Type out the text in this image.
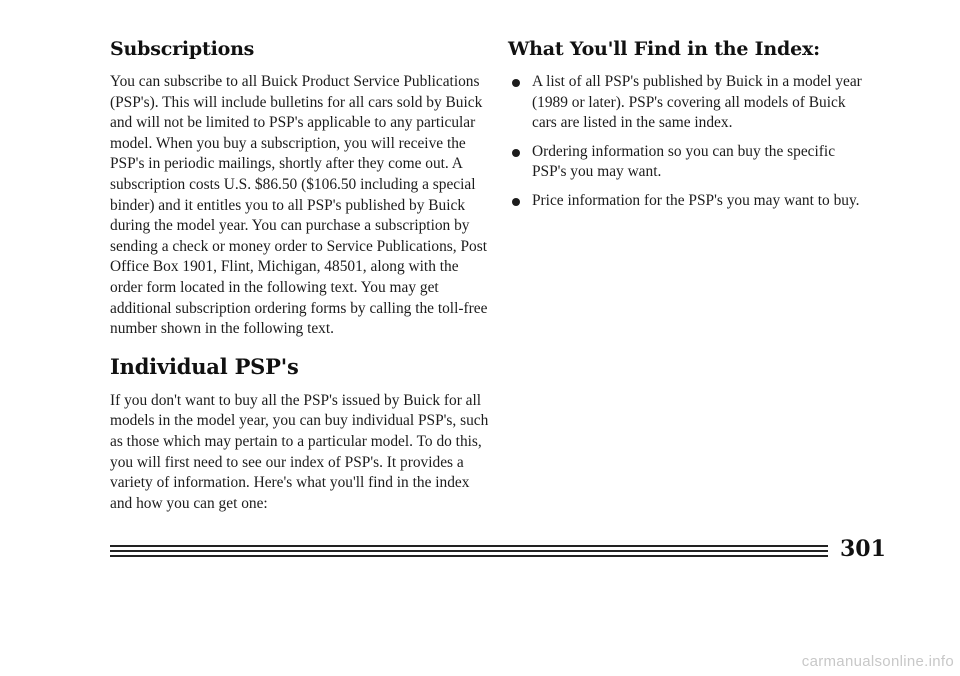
Subscriptions

You can subscribe to all Buick Product Service Publications (PSP's). This will include bulletins for all cars sold by Buick and will not be limited to PSP's applicable to any particular model. When you buy a subscription, you will receive the PSP's in periodic mailings, shortly after they come out. A subscription costs U.S. $86.50 ($106.50 including a special binder) and it entitles you to all PSP's published by Buick during the model year. You can purchase a subscription by sending a check or money order to Service Publications, Post Office Box 1901, Flint, Michigan, 48501, along with the order form located in the following text. You may get additional subscription ordering forms by calling the toll-free number shown in the following text.

Individual PSP's

If you don't want to buy all the PSP's issued by Buick for all models in the model year, you can buy individual PSP's, such as those which may pertain to a particular model. To do this, you will first need to see our index of PSP's. It provides a variety of information. Here's what you'll find in the index and how you can get one:

What You'll Find in the Index:
A list of all PSP's published by Buick in a model year (1989 or later). PSP's covering all models of Buick cars are listed in the same index.
Ordering information so you can buy the specific PSP's you may want.
Price information for the PSP's you may want to buy.
301
carmanualsonline.info
